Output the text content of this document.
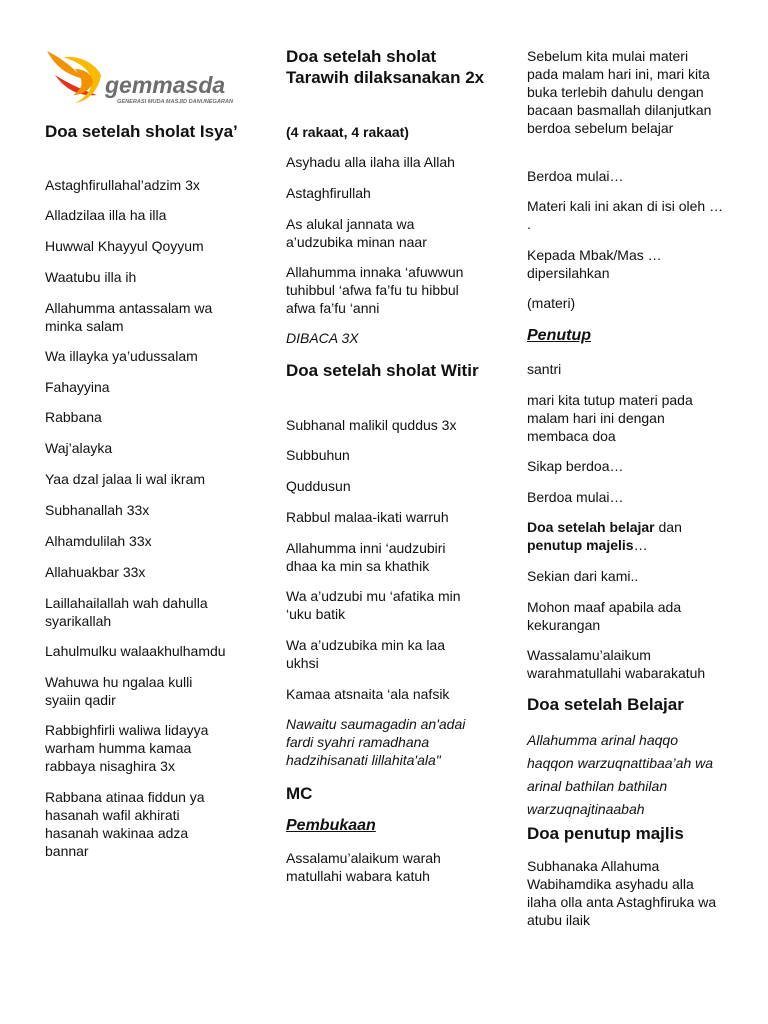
gemmasda
GENERASI MUDA MASJID DANUNEGARAN
Doa setelah sholat Isya’
Astaghfirullahal’adzim 3x
Alladzilaa illa ha illa
Huwwal Khayyul Qoyyum
Waatubu illa ih
Allahumma antassalam wa minka salam
Wa illayka ya’udussalam
Fahayyina
Rabbana
Waj’alayka
Yaa dzal jalaa li wal ikram
Subhanallah 33x
Alhamdulilah 33x
Allahuakbar 33x
Laillahailallah wah dahulla syarikallah
Lahulmulku walaakhulhamdu
Wahuwa hu ngalaa kulli syaiin qadir
Rabbighfirli waliwa lidayya warham humma kamaa rabbaya nisaghira 3x
Rabbana atinaa fiddun ya hasanah wafil akhirati hasanah wakinaa adza bannar
Doa setelah sholat Tarawih dilaksanakan 2x
(4 rakaat, 4 rakaat)
Asyhadu alla ilaha illa Allah
Astaghfirullah
As alukal jannata wa a’udzubika minan naar
Allahumma innaka ‘afuwwun tuhibbul ‘afwa fa’fu tu hibbul afwa fa’fu ‘anni
DIBACA 3X
Doa setelah sholat Witir
Subhanal malikil quddus 3x
Subbuhun
Quddusun
Rabbul malaa-ikati warruh
Allahumma inni ‘audzubiri dhaa ka min sa khathik
Wa a’udzubi mu ‘afatika min ‘uku batik
Wa a’udzubika min ka laa ukhsi
Kamaa atsnaita ‘ala nafsik
Nawaitu saumagadin an'adai fardi syahri ramadhana hadzihisanati lillahita'ala"
MC
Pembukaan
Assalamu’alaikum warah matullahi wabara katuh
Sebelum kita mulai materi pada malam hari ini, mari kita buka terlebih dahulu dengan bacaan basmallah dilanjutkan berdoa sebelum belajar
Berdoa mulai…
Materi kali ini akan di isi oleh … .
Kepada Mbak/Mas … dipersilahkan
(materi)
Penutup
santri
mari kita tutup materi pada malam hari ini dengan membaca doa
Sikap berdoa…
Berdoa mulai…
Doa setelah belajar dan penutup majelis…
Sekian dari kami..
Mohon maaf apabila ada kekurangan
Wassalamu’alaikum warahmatullahi wabarakatuh
Doa setelah Belajar
Allahumma arinal haqqo haqqon warzuqnattibaa’ah wa arinal bathilan bathilan warzuqnajtinaabah
Doa penutup majlis
Subhanaka Allahuma Wabihamdika asyhadu alla ilaha olla anta Astaghfiruka wa atubu ilaik
